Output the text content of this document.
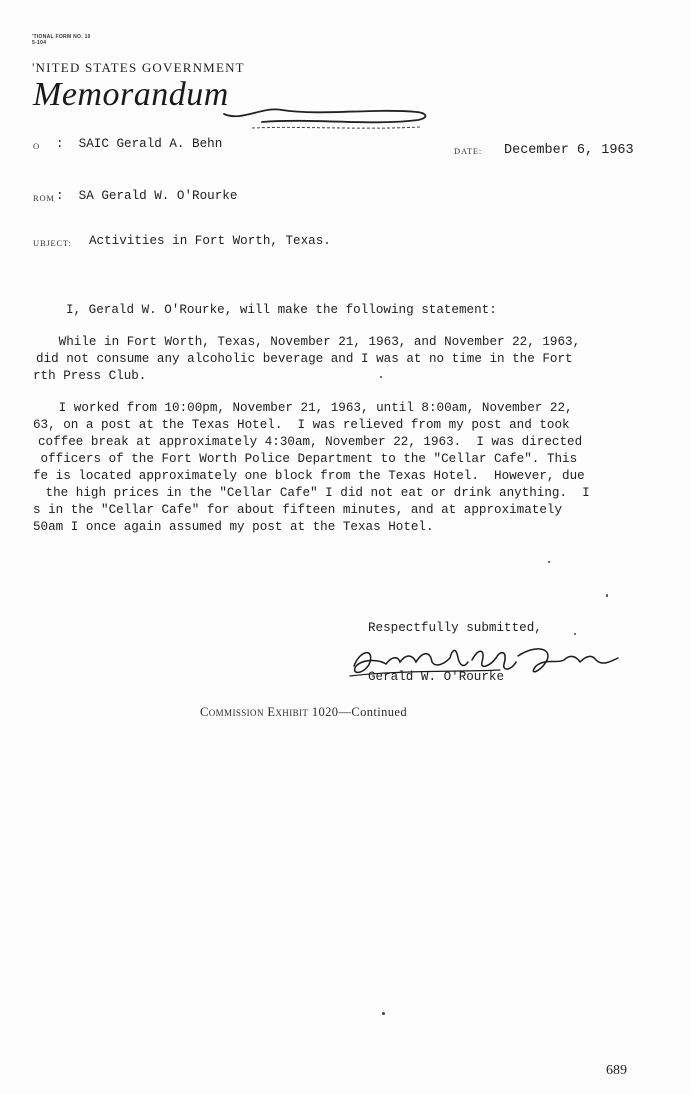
'TIONAL FORM NO. 10
5-104
'NITED STATES GOVERNMENT
Memorandum
O :  SAIC Gerald A. Behn	DATE: December 6, 1963
ROM :  SA Gerald W. O'Rourke
UBJECT: Activities in Fort Worth, Texas.
I, Gerald W. O'Rourke, will make the following statement:
While in Fort Worth, Texas, November 21, 1963, and November 22, 1963,
did not consume any alcoholic beverage and I was at no time in the Fort
rth Press Club.
I worked from 10:00pm, November 21, 1963, until 8:00am, November 22,
63, on a post at the Texas Hotel.  I was relieved from my post and took
coffee break at approximately 4:30am, November 22, 1963.  I was directed
officers of the Fort Worth Police Department to the "Cellar Cafe". This
fe is located approximately one block from the Texas Hotel.  However, due
the high prices in the "Cellar Cafe" I did not eat or drink anything.  I
s in the "Cellar Cafe" for about fifteen minutes, and at approximately
50am I once again assumed my post at the Texas Hotel.
Respectfully submitted,
Gerald W. O'Rourke
Commission Exhibit 1020—Continued
689
